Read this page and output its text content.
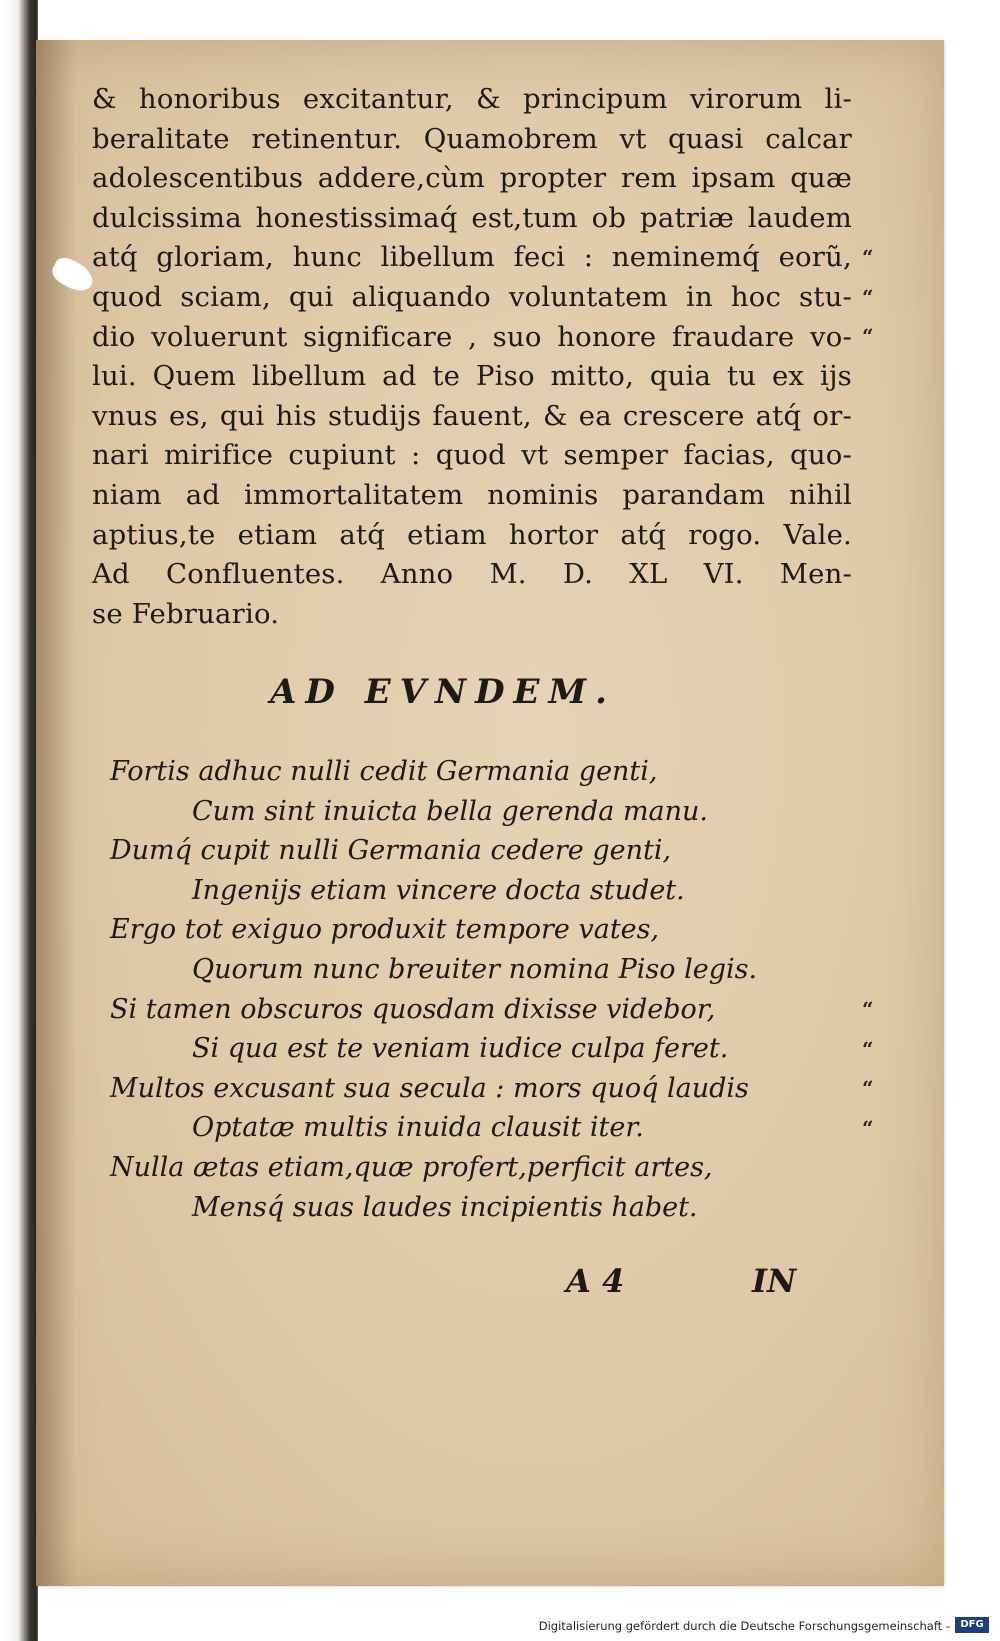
& honoribus excitantur, & principum virorum li-
beralitate retinentur. Quamobrem vt quasi calcar
adolescentibus addere,cùm propter rem ipsam quæ
dulcissima honestissimaq́ est,tum ob patriæ laudem
atq́ gloriam, hunc libellum feci : neminemq́ eorũ,
quod sciam, qui aliquando voluntatem in hoc stu-
dio voluerunt significare , suo honore fraudare vo-
lui. Quem libellum ad te Piso mitto, quia tu ex ijs
vnus es, qui his studijs fauent, & ea crescere atq́ or-
nari mirifice cupiunt : quod vt semper facias, quo-
niam ad immortalitatem nominis parandam nihil
aptius,te etiam atq́ etiam hortor atq́ rogo. Vale.
Ad Confluentes. Anno M. D. XL VI. Men-
se Februario.
“
“
“
AD EVNDEM.
Fortis adhuc nulli cedit Germania genti,
Cum sint inuicta bella gerenda manu.
Dumq́ cupit nulli Germania cedere genti,
Ingenijs etiam vincere docta studet.
Ergo tot exiguo produxit tempore vates,
Quorum nunc breuiter nomina Piso legis.
Si tamen obscuros quosdam dixisse videbor,
Si qua est te veniam iudice culpa feret.
Multos excusant sua secula : mors quoq́ laudis
Optatæ multis inuida clausit iter.
Nulla ætas etiam,quæ profert,perficit artes,
Mensq́ suas laudes incipientis habet.
“
“
“
“
A 4	IN
Digitalisierung gefördert durch die Deutsche Forschungsgemeinschaft -	DFG
